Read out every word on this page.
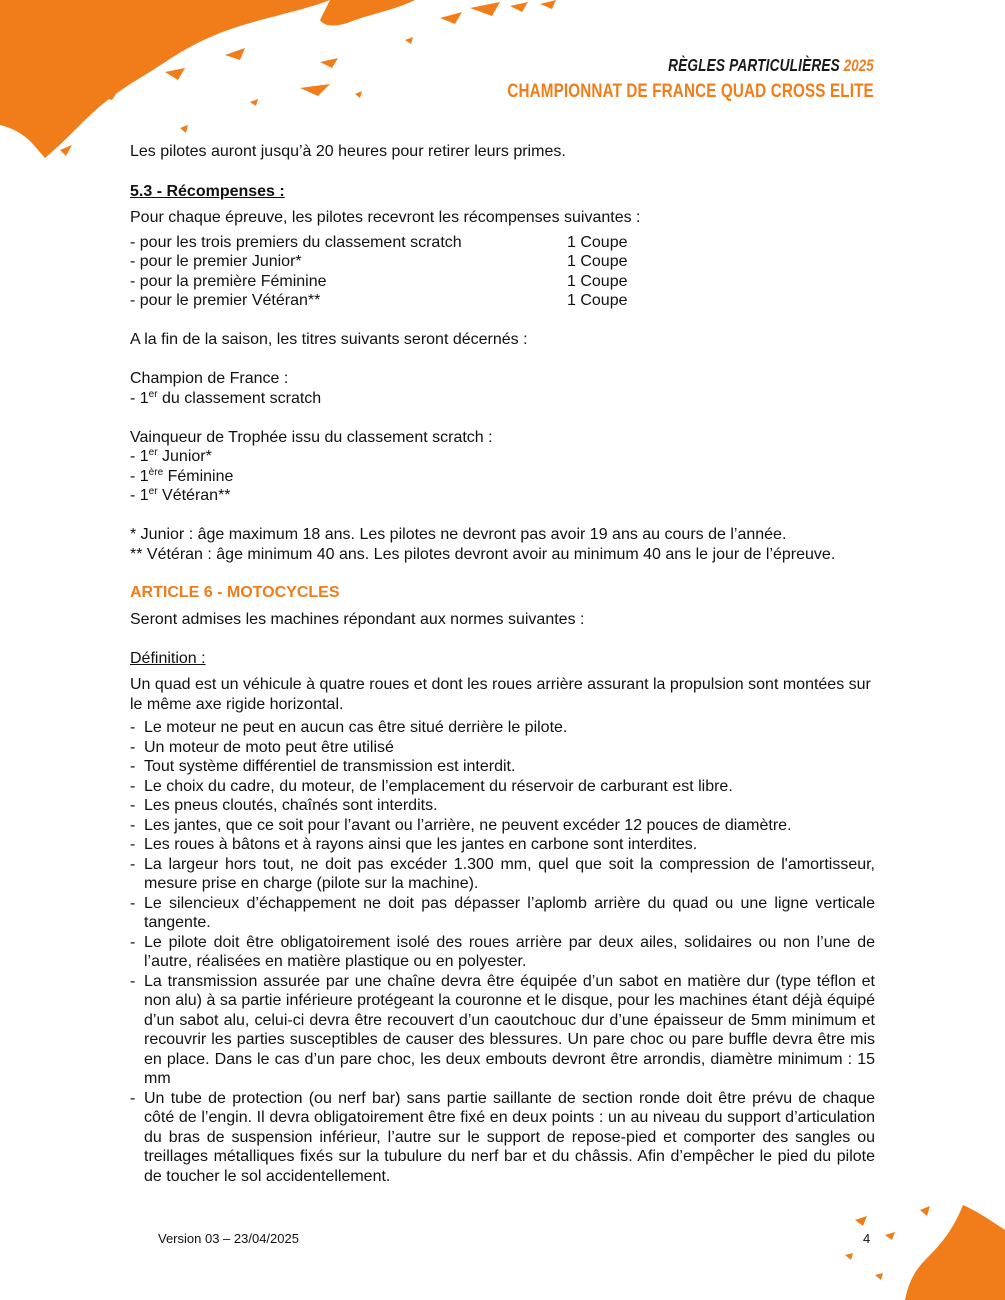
RÈGLES PARTICULIÈRES 2025
CHAMPIONNAT DE FRANCE QUAD CROSS ELITE

Les pilotes auront jusqu’à 20 heures pour retirer leurs primes.

5.3 - Récompenses :

Pour chaque épreuve, les pilotes recevront les récompenses suivantes :

- pour les trois premiers du classement scratch	1 Coupe
- pour le premier Junior*	1 Coupe
- pour la première Féminine	1 Coupe
- pour le premier Vétéran**	1 Coupe

A la fin de la saison, les titres suivants seront décernés :

Champion de France :

- 1er du classement scratch

Vainqueur de Trophée issu du classement scratch :

- 1er Junior*

- 1ère Féminine

- 1er Vétéran**

* Junior : âge maximum 18 ans. Les pilotes ne devront pas avoir 19 ans au cours de l’année.

** Vétéran : âge minimum 40 ans. Les pilotes devront avoir au minimum 40 ans le jour de l’épreuve.

ARTICLE 6 - MOTOCYCLES

Seront admises les machines répondant aux normes suivantes :

Définition :

Un quad est un véhicule à quatre roues et dont les roues arrière assurant la propulsion sont montées sur le même axe rigide horizontal.

- Le moteur ne peut en aucun cas être situé derrière le pilote.
- Un moteur de moto peut être utilisé
- Tout système différentiel de transmission est interdit.
- Le choix du cadre, du moteur, de l’emplacement du réservoir de carburant est libre.
- Les pneus cloutés, chaînés sont interdits.
- Les jantes, que ce soit pour l’avant ou l’arrière, ne peuvent excéder 12 pouces de diamètre.
- Les roues à bâtons et à rayons ainsi que les jantes en carbone sont interdites.
- La largeur hors tout, ne doit pas excéder 1.300 mm, quel que soit la compression de l'amortisseur, mesure prise en charge (pilote sur la machine).
- Le silencieux d’échappement ne doit pas dépasser l’aplomb arrière du quad ou une ligne verticale tangente.
- Le pilote doit être obligatoirement isolé des roues arrière par deux ailes, solidaires ou non l’une de l’autre, réalisées en matière plastique ou en polyester.
- La transmission assurée par une chaîne devra être équipée d’un sabot en matière dur (type téflon et non alu) à sa partie inférieure protégeant la couronne et le disque, pour les machines étant déjà équipé d’un sabot alu, celui-ci devra être recouvert d’un caoutchouc dur d’une épaisseur de 5mm minimum et recouvrir les parties susceptibles de causer des blessures. Un pare choc ou pare buffle devra être mis en place. Dans le cas d’un pare choc, les deux embouts devront être arrondis, diamètre minimum : 15 mm
- Un tube de protection (ou nerf bar) sans partie saillante de section ronde doit être prévu de chaque côté de l’engin. Il devra obligatoirement être fixé en deux points : un au niveau du support d’articulation du bras de suspension inférieur, l’autre sur le support de repose-pied et comporter des sangles ou treillages métalliques fixés sur la tubulure du nerf bar et du châssis. Afin d’empêcher le pied du pilote de toucher le sol accidentellement.
Version 03 – 23/04/2025	4
